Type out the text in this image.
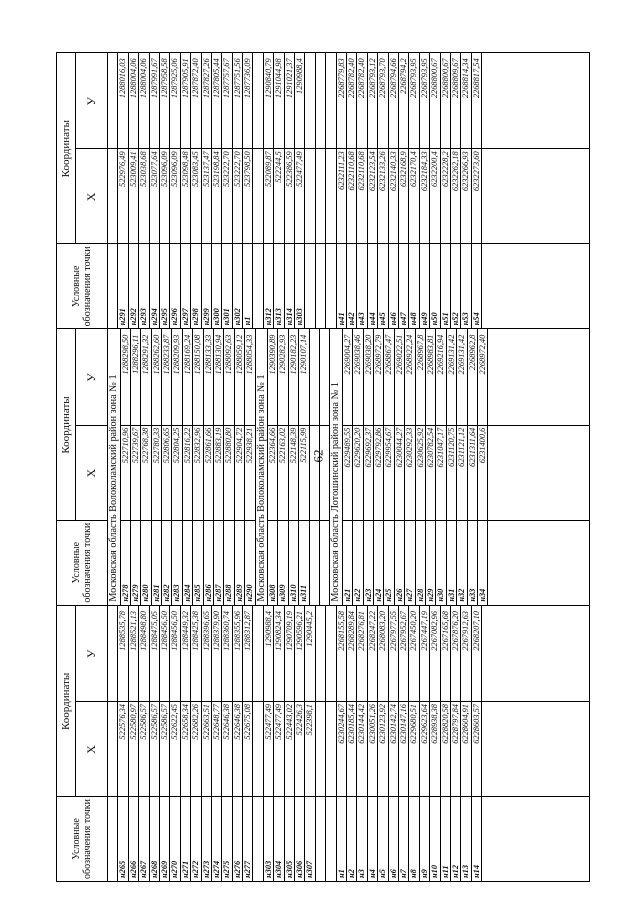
62
Условные обозначения точки
Координаты
X
У
н265
522576,34
1288535,78
н266
522580,97
1288521,13
н267
522586,57
1288498,80
н268
522586,57
1288475,05
н269
522586,57
1288456,50
н270
522622,45
1288456,50
н271
522658,34
1288449,32
н272
522682,26
1288425,38
н273
522663,51
1288396,65
н274
522648,77
1288379,90
н275
522646,38
1288360,74
н276
522646,38
1288355,96
н277
522675,08
1288312,87
н303
522477,49
1290988,4
н304
522477,49
1290824,34
н305
522443,02
1290709,19
н306
522426,3
1290596,21
н307
522398,1
1290445,2
н1
6230244,67
2268155,58
н2
6230185,44
2268289,84
н3
6230144,42
2268276,81
н4
6230051,26
2268247,22
н5
6230123,92
2268083,20
н6
6230142,74
2267977,55
н7
6230147,16
2267952,67
н8
6229680,51
2267450,20
н9
6229623,64
2267447,19
н10
6228938,38
2267082,96
н11
6228820,58
2267165,68
н12
6228797,84
2267876,20
н13
6228604,91
2267912,63
н14
6228603,57
2268207,10
Условные обозначения точки
Координаты
X
У	Московская область Волоколамский район зона № 1 н278
522710,96
1288298,50
н279
522739,67
1288296,11
н280
522768,38
1288291,32
н281
522780,33
1288262,60
н282
522806,65
1288233,87
н283
522804,25
1288209,93
н284
522816,22
1288169,24
н285
522832,96
1288150,08
н286
522861,66
1288133,33
н287
522883,19
1288130,94
н288
522880,80
1288092,63
н289
522904,72
1288059,12
н290
522938,21
1288054,33
Московская область Волоколамский район зона № 1 н308
522364,66
1290390,89
н309
522163,02
1290282,93
н310
522148,39
1290182,23
н311
522115,99
1290107,14
Московская область Лотошинский район зона № 1 н21
6229489,55
2269004,27
н22
6229620,20
2269038,46
н23
6229692,37
2269038,20
н24
6229792,86
2268972,79
н25
6229954,67
2268867,47
н26
6230044,27
2269022,51
н27
6230292,33
2268922,24
н28
6230625,92
2268967,8
н29
6230782,54
2268983,81
н30
6231047,17
2269216,94
н31
6231120,75
2269131,42
н32
6231121,12
2269131,42
н33
6231311,64
2268962,8
н34
6231400,6
2268972,40
Условные обозначения точки
Координаты
X
У
н291
522976,49
1288016,03
н292
523009,41
1288004,06
н293
523038,68
1288004,06
н294
523077,64
1287991,67
н295
523096,09
1287958,58
н296
523096,09
1287925,06
н297
523098,48
1287905,91
н298
523083,45
1287872,40
н299
523137,47
1287827,26
н300
523198,84
1287805,44
н301
523222,70
1287757,67
н302
523222,70
1287751,56
н1
523798,50
1287736,09
н312
522089,87
1290840,79
н313
522244,5
1291044,98
н314
522386,59
1291021,37
н303
522477,49
1290988,4
н41
6232111,23
2268779,83
н42
6232110,68
2268782,40
н43
6232110,68
2268782,40
н44
6232123,54
2268793,12
н45
6232133,26
2268793,70
н46
6232140,33
2268794,66
н47
6232168,9
2268794,2
н48
6232170,4
2268793,95
н49
6232184,33
2268793,95
н50
6232200,4
2268800,67
н51
6232228,2
2268800,67
н52
6232262,18
2268809,67
н53
6232266,93
2268814,34
н54
6232273,60
2268817,54
